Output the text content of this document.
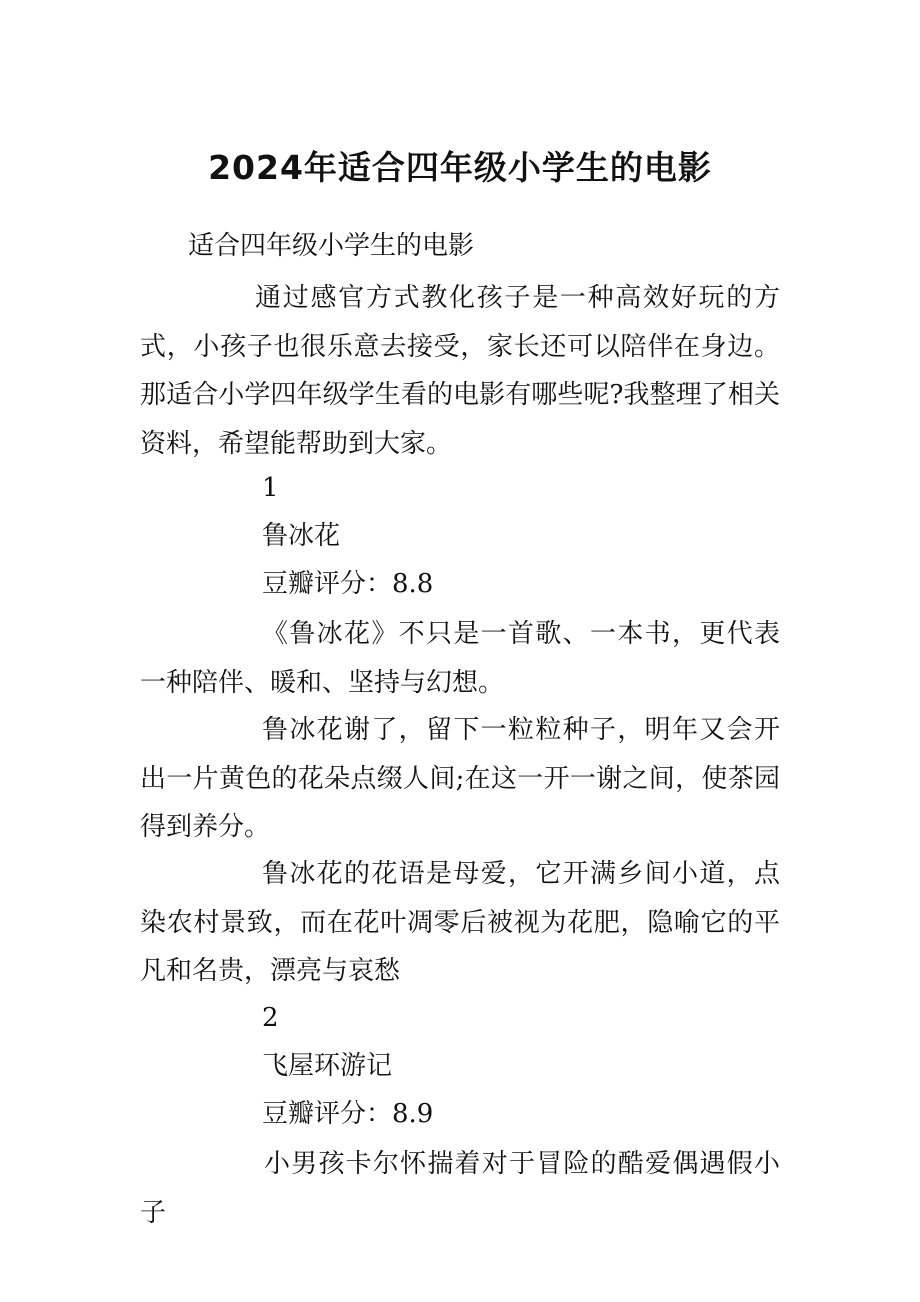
2024年适合四年级小学生的电影
适合四年级小学生的电影
通过感官方式教化孩子是一种高效好玩的方式，小孩子也很乐意去接受，家长还可以陪伴在身边。那适合小学四年级学生看的电影有哪些呢?我整理了相关资料，希望能帮助到大家。
1
鲁冰花
豆瓣评分：8.8
《鲁冰花》不只是一首歌、一本书，更代表一种陪伴、暖和、坚持与幻想。
鲁冰花谢了，留下一粒粒种子，明年又会开出一片黄色的花朵点缀人间;在这一开一谢之间，使茶园得到养分。
鲁冰花的花语是母爱，它开满乡间小道，点染农村景致，而在花叶凋零后被视为花肥，隐喻它的平凡和名贵，漂亮与哀愁
2
飞屋环游记
豆瓣评分：8.9
小男孩卡尔怀揣着对于冒险的酷爱偶遇假小子
